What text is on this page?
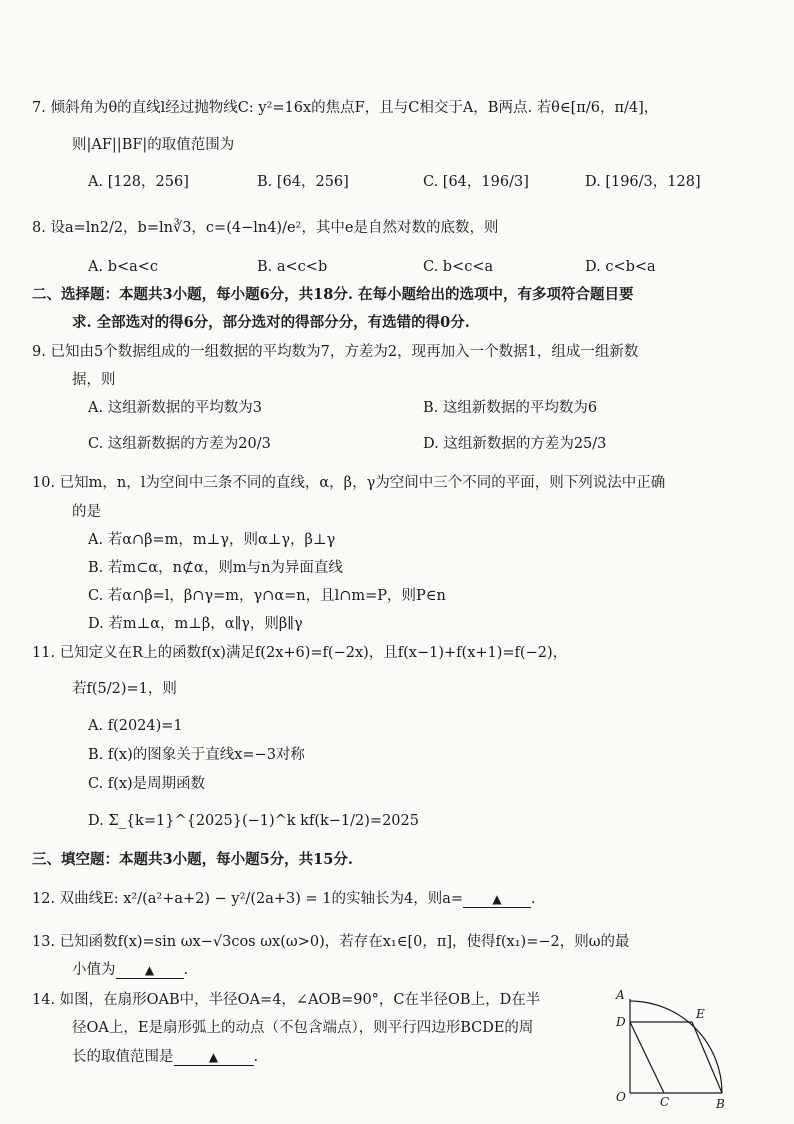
7. 倾斜角为θ的直线l经过抛物线C: y²=16x的焦点F，且与C相交于A，B两点. 若θ∈[π/6，π/4]，
则|AF||BF|的取值范围为
A. [128，256]	B. [64，256]	C. [64，196/3]	D. [196/3，128]
8. 设a=ln2/2，b=ln∛3，c=(4−ln4)/e²，其中e是自然对数的底数，则
A. b<a<c	B. a<c<b	C. b<c<a	D. c<b<a
二、选择题：本题共3小题，每小题6分，共18分. 在每小题给出的选项中，有多项符合题目要
求. 全部选对的得6分，部分选对的得部分分，有选错的得0分.
9. 已知由5个数据组成的一组数据的平均数为7，方差为2，现再加入一个数据1，组成一组新数
据，则
A. 这组新数据的平均数为3	B. 这组新数据的平均数为6
C. 这组新数据的方差为20/3	D. 这组新数据的方差为25/3
10. 已知m，n，l为空间中三条不同的直线，α，β，γ为空间中三个不同的平面，则下列说法中正确
的是
A. 若α∩β=m，m⊥γ，则α⊥γ，β⊥γ
B. 若m⊂α，n⊄α，则m与n为异面直线
C. 若α∩β=l，β∩γ=m，γ∩α=n，且l∩m=P，则P∈n
D. 若m⊥α，m⊥β，α∥γ，则β∥γ
11. 已知定义在R上的函数f(x)满足f(2x+6)=f(−2x)，且f(x−1)+f(x+1)=f(−2)，
若f(5/2)=1，则
A. f(2024)=1
B. f(x)的图象关于直线x=−3对称
C. f(x)是周期函数
D. Σ_{k=1}^{2025}(−1)^k kf(k−1/2)=2025
三、填空题：本题共3小题，每小题5分，共15分.
12. 双曲线E: x²/(a²+a+2) − y²/(2a+3) = 1的实轴长为4，则a= ▲ .
13. 已知函数f(x)=sin ωx−√3cos ωx(ω>0)，若存在x₁∈[0，π]，使得f(x₁)=−2，则ω的最
小值为 ▲ .
14. 如图，在扇形OAB中，半径OA=4，∠AOB=90°，C在半径OB上，D在半
径OA上，E是扇形弧上的动点（不包含端点），则平行四边形BCDE的周
长的取值范围是	▲ .
A
D
E
O	C	B
